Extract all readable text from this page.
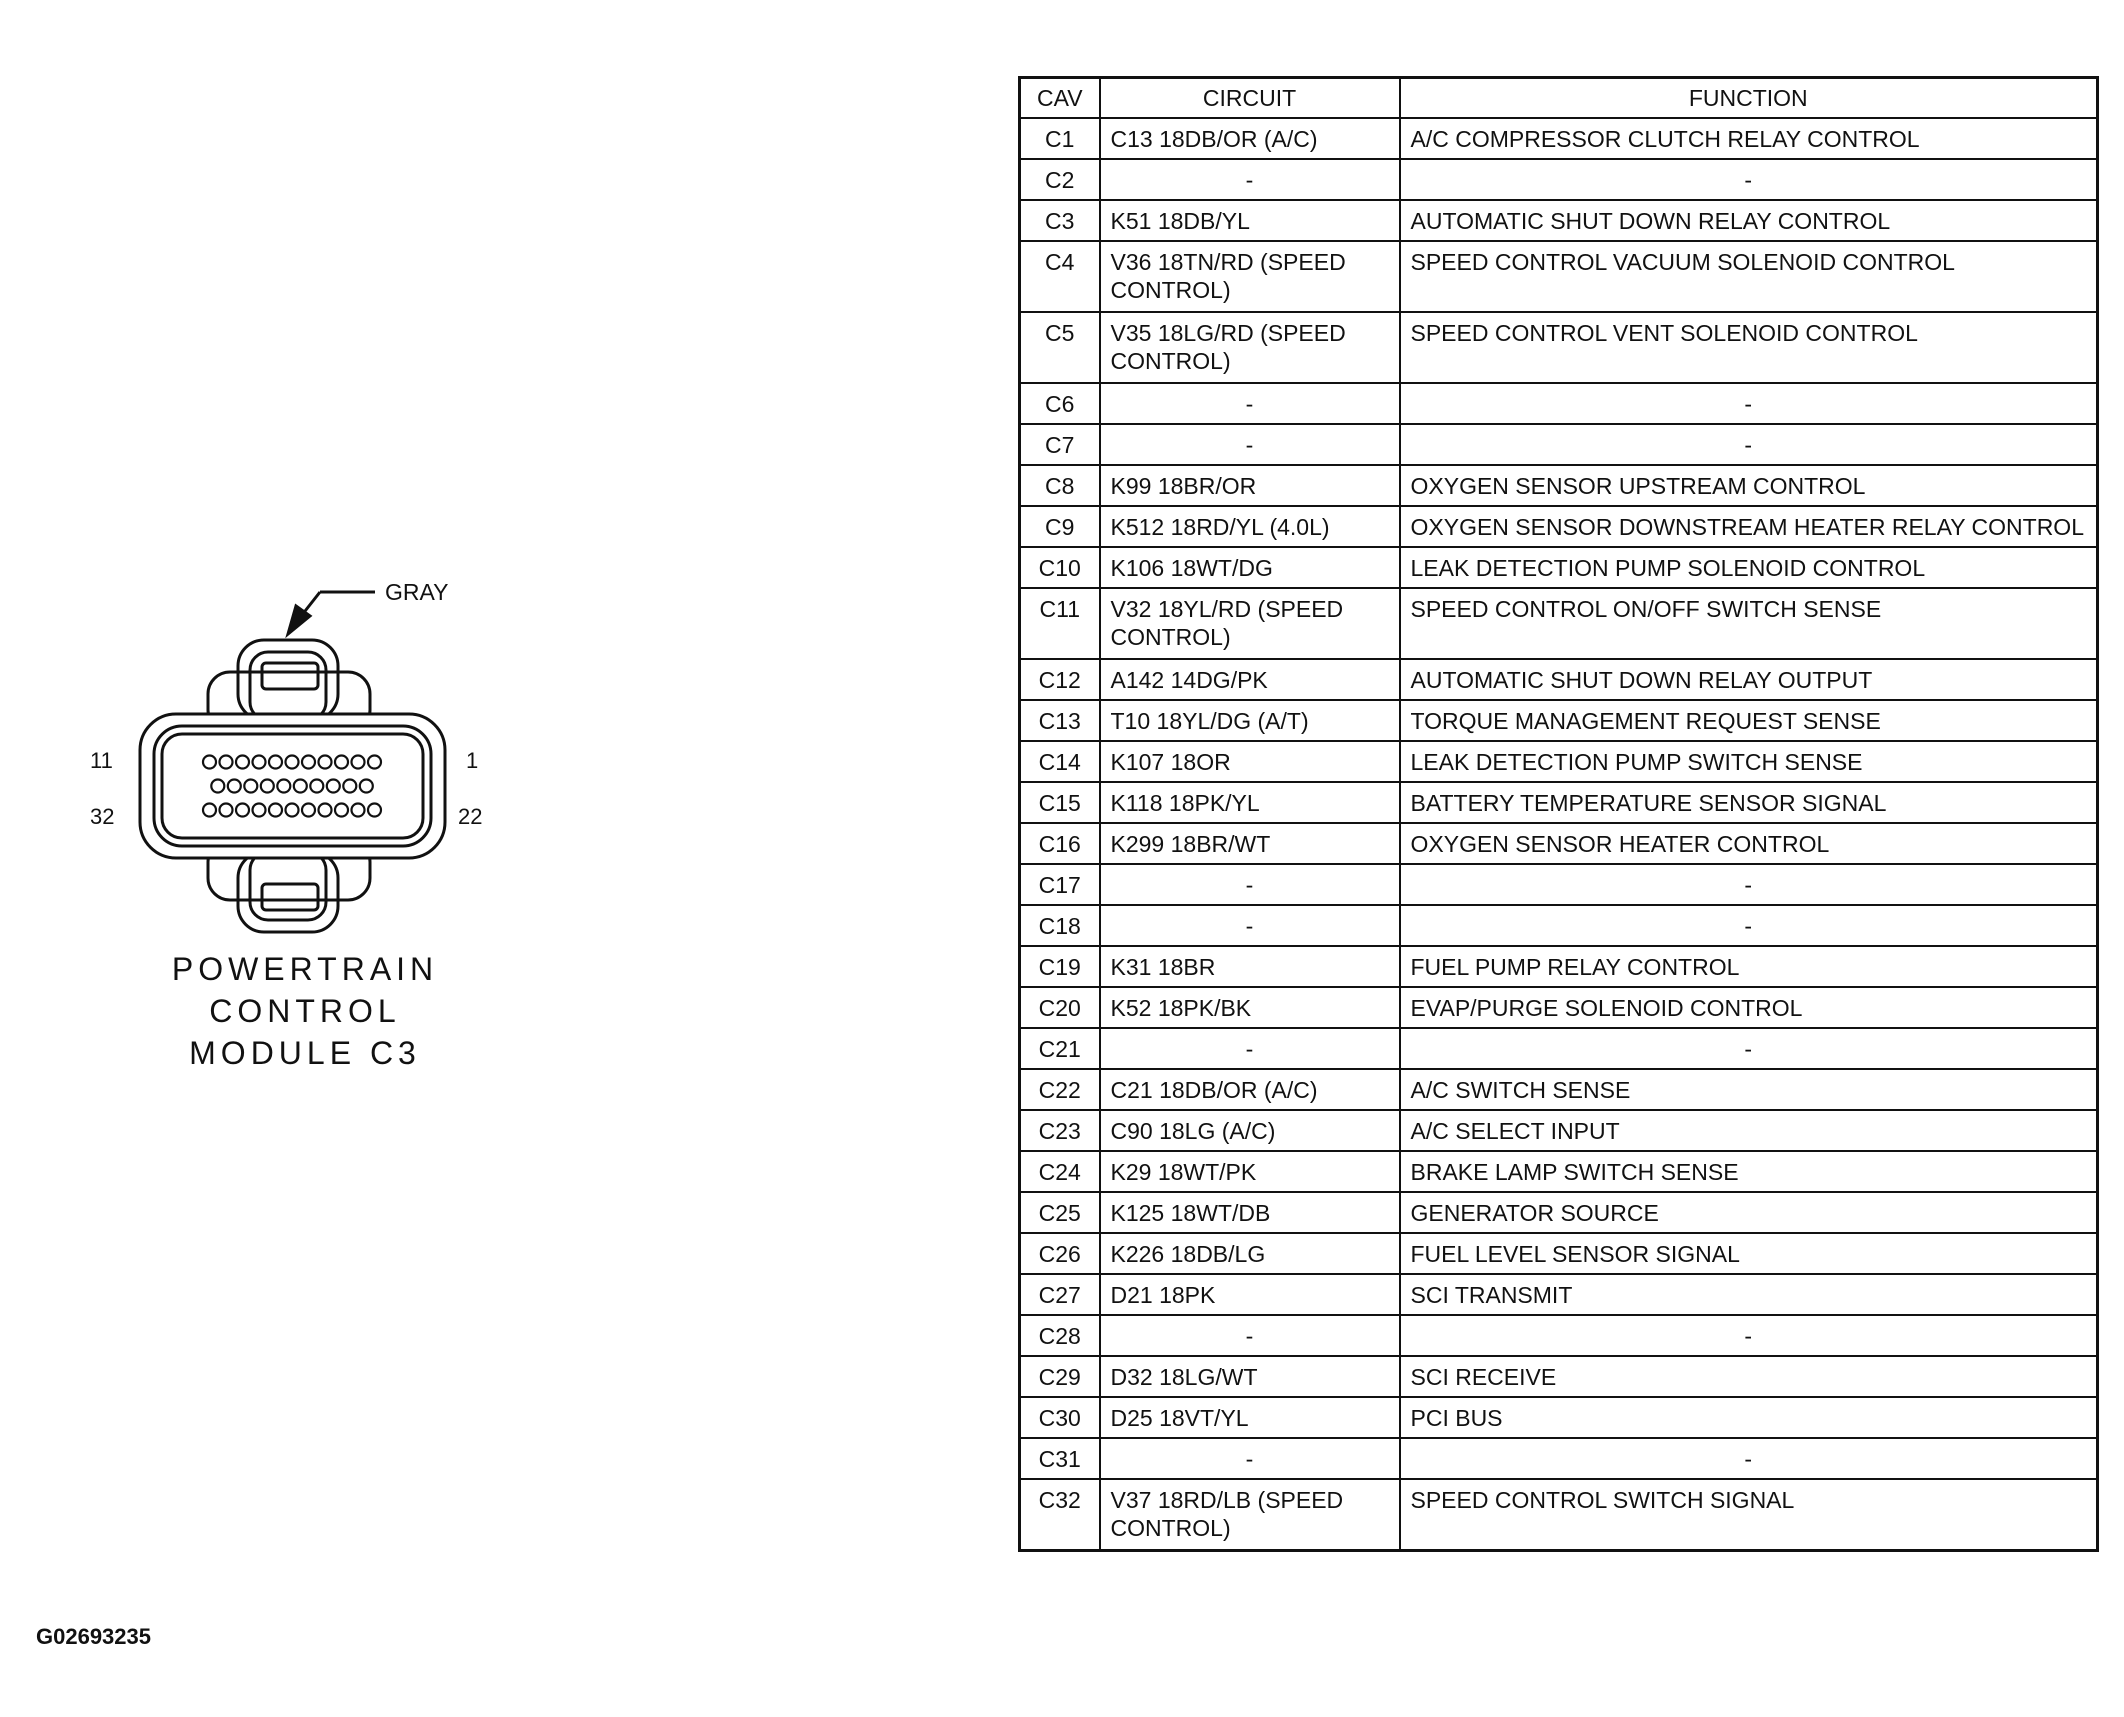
GRAY
11	1
32	22
POWERTRAIN
CONTROL
MODULE C3
G02693235
CAV	CIRCUIT	FUNCTION
C1	C13 18DB/OR (A/C)	A/C COMPRESSOR CLUTCH RELAY CONTROL
C2	-	-
C3	K51 18DB/YL	AUTOMATIC SHUT DOWN RELAY CONTROL
C4	V36 18TN/RD (SPEED CONTROL)	SPEED CONTROL VACUUM SOLENOID CONTROL
C5	V35 18LG/RD (SPEED CONTROL)	SPEED CONTROL VENT SOLENOID CONTROL
C6	-	-
C7	-	-
C8	K99 18BR/OR	OXYGEN SENSOR UPSTREAM CONTROL
C9	K512 18RD/YL (4.0L)	OXYGEN SENSOR DOWNSTREAM HEATER RELAY CONTROL
C10	K106 18WT/DG	LEAK DETECTION PUMP SOLENOID CONTROL
C11	V32 18YL/RD (SPEED CONTROL)	SPEED CONTROL ON/OFF SWITCH SENSE
C12	A142 14DG/PK	AUTOMATIC SHUT DOWN RELAY OUTPUT
C13	T10 18YL/DG (A/T)	TORQUE MANAGEMENT REQUEST SENSE
C14	K107 18OR	LEAK DETECTION PUMP SWITCH SENSE
C15	K118 18PK/YL	BATTERY TEMPERATURE SENSOR SIGNAL
C16	K299 18BR/WT	OXYGEN SENSOR HEATER CONTROL
C17	-	-
C18	-	-
C19	K31 18BR	FUEL PUMP RELAY CONTROL
C20	K52 18PK/BK	EVAP/PURGE SOLENOID CONTROL
C21	-	-
C22	C21 18DB/OR (A/C)	A/C SWITCH SENSE
C23	C90 18LG (A/C)	A/C SELECT INPUT
C24	K29 18WT/PK	BRAKE LAMP SWITCH SENSE
C25	K125 18WT/DB	GENERATOR SOURCE
C26	K226 18DB/LG	FUEL LEVEL SENSOR SIGNAL
C27	D21 18PK	SCI TRANSMIT
C28	-	-
C29	D32 18LG/WT	SCI RECEIVE
C30	D25 18VT/YL	PCI BUS
C31	-	-
C32	V37 18RD/LB (SPEED CONTROL)	SPEED CONTROL SWITCH SIGNAL
